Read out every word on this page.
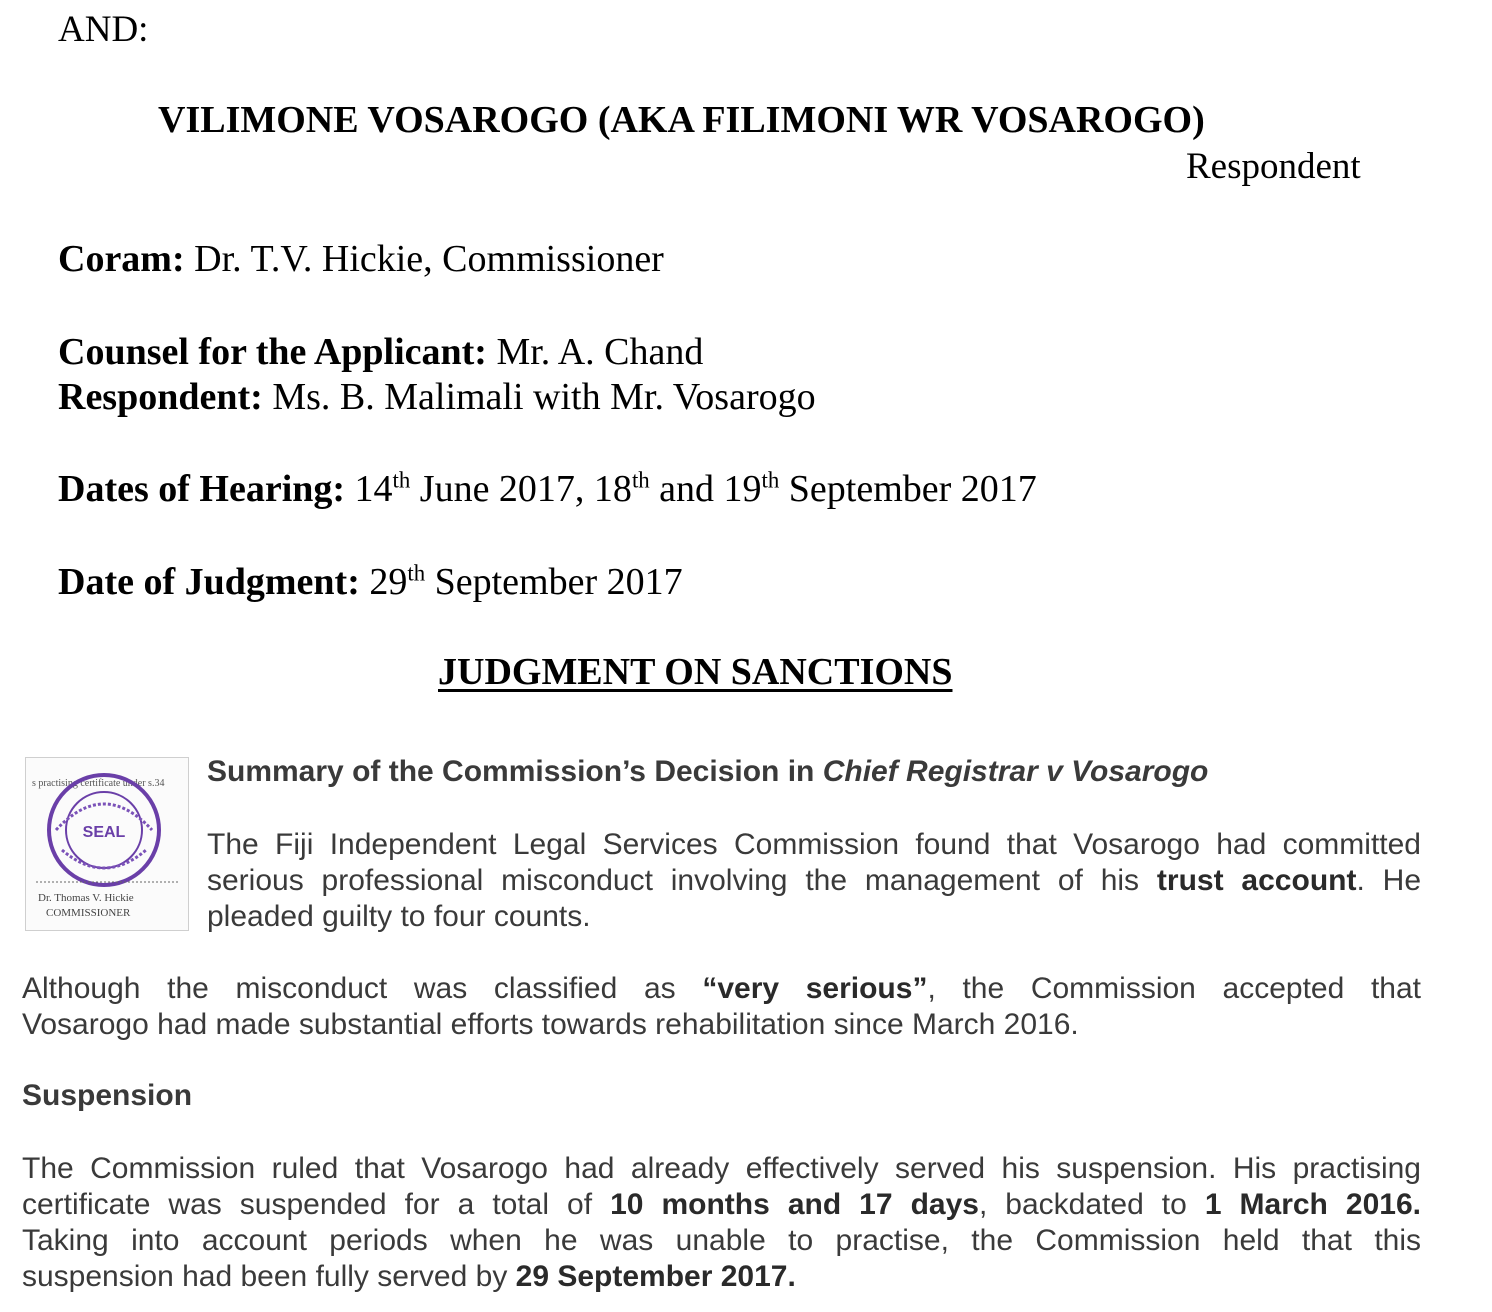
AND:

VILIMONE VOSAROGO (AKA FILIMONI WR VOSAROGO)

Respondent

Coram: Dr. T.V. Hickie, Commissioner

Counsel for the Applicant: Mr. A. Chand

Respondent: Ms. B. Malimali with Mr. Vosarogo

Dates of Hearing: 14th June 2017, 18th and 19th September 2017

Date of Judgment: 29th September 2017

JUDGMENT ON SANCTIONS

s practising certificate under s.34
SEAL
Dr. Thomas V. Hickie
COMMISSIONER

Summary of the Commission’s Decision in Chief Registrar v Vosarogo

The Fiji Independent Legal Services Commission found that Vosarogo had committed
serious professional misconduct involving the management of his trust account. He
pleaded guilty to four counts.
Although the misconduct was classified as “very serious”, the Commission accepted that
Vosarogo had made substantial efforts towards rehabilitation since March 2016.

Suspension

The Commission ruled that Vosarogo had already effectively served his suspension. His practising
certificate was suspended for a total of 10 months and 17 days, backdated to 1 March 2016.
Taking into account periods when he was unable to practise, the Commission held that this
suspension had been fully served by 29 September 2017.
